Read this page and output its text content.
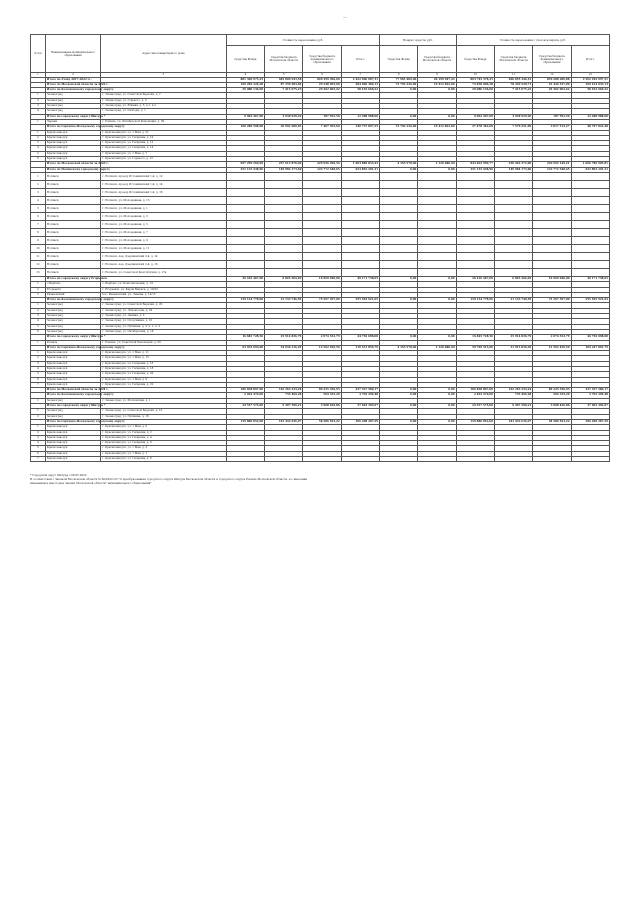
—
№ п/п	Наименование муниципального образования	Адрес многоквартирного дома	Стоимость переселения, руб.				Возврат средств, руб.		Стоимость переселения с учетом возврата, руб.			
			Средства Фонда	Средства бюджета Московской области	Средства бюджета муниципального образования	Итого	Средства Фонда	Средства бюджета Московской области	Средства Фонда	Средства бюджета Московской области	Средства бюджета муниципального образования	Итого
1	2	3	4	5	6	7	8	9	10	11	12	13
	Итого по Этапу 2017-2022 гг.		881 360 975,25	665 809 943,58	849 399 396,00	2 422 960 087,31	77 965 484,00	20 199 947,43	803 745 378,25	666 855 344,53	839 288 286,88	2 502 292 997,21
	Итого по Московской области за 2022 г.		169 282 324,28	87 339 383,66	29 248 093,00	284 960 380,13	72 792 226,00	19 412 822,00	74 838 006,28	78 320 520,71	23 434 537,00	169 414 033,13
	Итого по Коломенскому городскому округу		29 080 136,00	7 415 075,23	29 302 605,42	58 102 666,52	0,00	0,00	29 080 136,00	7 415 075,23	29 302 605,42	58 102 666,52
1	Зеленоград	г. Зеленоград, ул. Советской Березки, д. 7										
2	Зеленоград	г. Зеленоград, ул. Горького, д. 3										
3	Зеленоград	г. Зеленоград, ул. Южная, д. 5, к.1, к.2										
4	Зеленоград	г. Зеленоград, ул. Свободы, д. 1										
	Итого по городскому округу Шатура *		9 062 467,00	3 038 929,20	187 592,50	12 288 988,00	0,00	0,00	9 062 467,00	3 038 929,20	187 592,50	12 288 988,00
1	Черная	г. Рошаль, ул. Октябрьской Революции, д. 39										
	Итого по Сергиево-Посадскому городскому округу		100 280 598,60	26 992 280,65	7 467 393,60	140 737 897,25	72 792 226,00	19 412 822,00	27 478 362,60	7 579 251,09	2 817 512,27	48 767 822,48
1	Краснозаводск	г. Краснозаводск, ул. 1 Мая, д. 31										
2	Краснозаводск	г. Краснозаводск, ул. Гагарина, д. 10										
3	Краснозаводск	г. Краснозаводск, ул. Гагарина, д. 12										
4	Краснозаводск	г. Краснозаводск, ул. Гагарина, д. 14										
5	Краснозаводск	г. Краснозаводск, ул. 1 Мая, д. 7										
6	Краснозаводск	г. Краснозаводск, ул. Горького, д. 12										
	Итого по Московской области за 2023 г.		697 299 260,99	237 612 878,00	229 926 296,54	1 003 886 833,43	4 163 578,00	2 120 480,00	843 402 990,77	230 492 372,00	220 292 149,21	1 666 786 005,81
	Итого по Ногинскому городскому округу		351 135 438,96	149 984 173,60	122 772 548,65	623 892 201,31	0,00	0,00	351 135 438,96	149 984 173,60	122 772 548,65	623 892 201,31
1	Ногинск	г. Ногинск, проезд Истомкинский 1-й, д. 12										
2	Ногинск	г. Ногинск, проезд Истомкинский 1-й, д. 14										
3	Ногинск	г. Ногинск, проезд Истомкинский 1-й, д. 16										
4	Ногинск	г. Ногинск, ул. Молодежная, д. 15										
5	Ногинск	г. Ногинск, ул. Молодежная, д. 1										
6	Ногинск	г. Ногинск, ул. Молодежная, д. 3										
7	Ногинск	г. Ногинск, ул. Молодежная, д. 5										
8	Ногинск	г. Ногинск, ул. Молодежная, д. 7										
9	Ногинск	г. Ногинск, ул. Молодежная, д. 9										
10	Ногинск	г. Ногинск, ул. Молодежная, д. 11										
11	Ногинск	г. Ногинск, пер. Дзержинский 2-й, д. 14										
12	Ногинск	г. Ногинск, пер. Дзержинский 2-й, д. 16										
13	Ногинск	г. Ногинск, ул. Советской Конституции, д. 17а										
	Итого по городскому округу Егорьевск		26 416 467,00	6 845 304,02	16 969 940,00	49 171 738,05	0,00	0,00	26 416 467,00	6 845 304,02	16 969 940,00	49 171 738,05
1	с.Вербово	с. Вербово, ул. Комсомольская, д. 14										
2	Егорьевск	г. Егорьевск, ул. Карла Маркса, д. 19/22										
3	Рязановский	пос. Рязановский, ул. Ленина, д. 14/15										
	Итого по Коломенскому городскому округу		159 134 778,06	21 133 746,59	75 297 397,00	255 565 921,65	0,00	0,00	159 134 778,06	21 133 746,59	75 297 397,00	255 565 921,65
1	Зеленоград	г. Зеленоград, ул. Советской Березки, д. 20										
2	Зеленоград	г. Зеленоград, ул. Ломоносова, д. 20										
3	Зеленоград	г. Зеленоград, ул. Ленина, д. 3										
4	Зеленоград	г. Зеленоград, ул. Спортивная, д. 10										
5	Зеленоград	г. Зеленоград, ул. Пушкина, д. 3, к. 1, к. 2										
6	Зеленоград	г. Зеленоград, ул. Октябрьская, д. 18										
	Итого по городскому округу Шатура *		16 845 728,50	25 914 836,79	2 074 532,79	44 736 098,08	0,00	0,00	16 845 728,50	25 914 836,79	2 074 532,79	44 736 098,08
1	Рошаль	г. Рошаль, ул. Советской Революции, д. 50										
	Итого по Сергиево-Посадскому городскому округу		63 933 093,00	34 036 316,29	12 562 450,50	110 531 859,79	4 163 578,00	2 120 480,00	59 769 515,00	31 915 836,29	12 562 450,50	104 247 801,79
1	Краснозаводск	г. Краснозаводск, ул. 1 Мая, д. 11										
2	Краснозаводск	г. Краснозаводск, ул. 1 Мая, д. 15										
3	Краснозаводск	г. Краснозаводск, ул. Гагарина, д. 16										
4	Краснозаводск	г. Краснозаводск, ул. Гагарина, д. 18										
5	Краснозаводск	г. Краснозаводск, ул. Гагарина, д. 20										
6	Краснозаводск	г. Краснозаводск, ул. 1 Мая, д. 9										
7	Краснозаводск	г. Краснозаводск, ул. Гагарина, д. 22										
	Итого по Московской области за 2024 г.		186 838 897,00	162 263 333,24	89 225 350,93	437 327 580,17	0,00	0,00	186 838 897,00	162 263 333,24	89 225 350,93	437 327 580,17
	Итого по Коломенскому городскому округу		2 402 470,00	735 494,28	564 335,20	3 702 299,48	0,00	0,00	2 402 470,00	735 494,28	564 335,20	3 702 299,48
1	Зеленоград	г. Зеленоград, ул. Московская, д. 1										
	Итого по городскому округу Шатура *		24 557 575,00	9 497 390,21	3 908 426,86	37 963 392,07	0,00	0,00	24 557 575,00	9 497 390,21	3 908 426,86	37 963 392,07
1	Зеленоград	г. Зеленоград, ул. Советской Березки, д. 10										
2	Зеленоград	г. Зеленоград, ул. Пушкина, д. 18										
	Итого по Сергиево-Посадскому городскому округу		159 880 852,00	181 432 636,07	58 586 593,22	396 208 287,29	0,00	0,00	159 880 852,00	181 432 636,07	58 586 593,22	396 208 287,29
1	Краснозаводск	г. Краснозаводск, ул. 1 Мая, д. 5										
2	Краснозаводск	г. Краснозаводск, ул. Гагарина, д. 2										
3	Краснозаводск	г. Краснозаводск, ул. Гагарина, д. 4										
4	Краснозаводск	г. Краснозаводск, ул. Гагарина, д. 6										
5	Краснозаводск	г. Краснозаводск, ул. 1 Мая, д. 3										
6	Краснозаводск	г. Краснозаводск, ул. 1 Мая, д. 1										
7	Краснозаводск	г. Краснозаводск, ул. Гагарина, д. 8										
* Городской округ Шатура с 06.05.2022
В соответствии с Законом Московской области № 60/2022-ОЗ "О преобразовании городского округа Шатура Московской области и городского округа Рошаль Московской области, и о внесении
изменений в некоторые законы Московской области" муниципального образования"
